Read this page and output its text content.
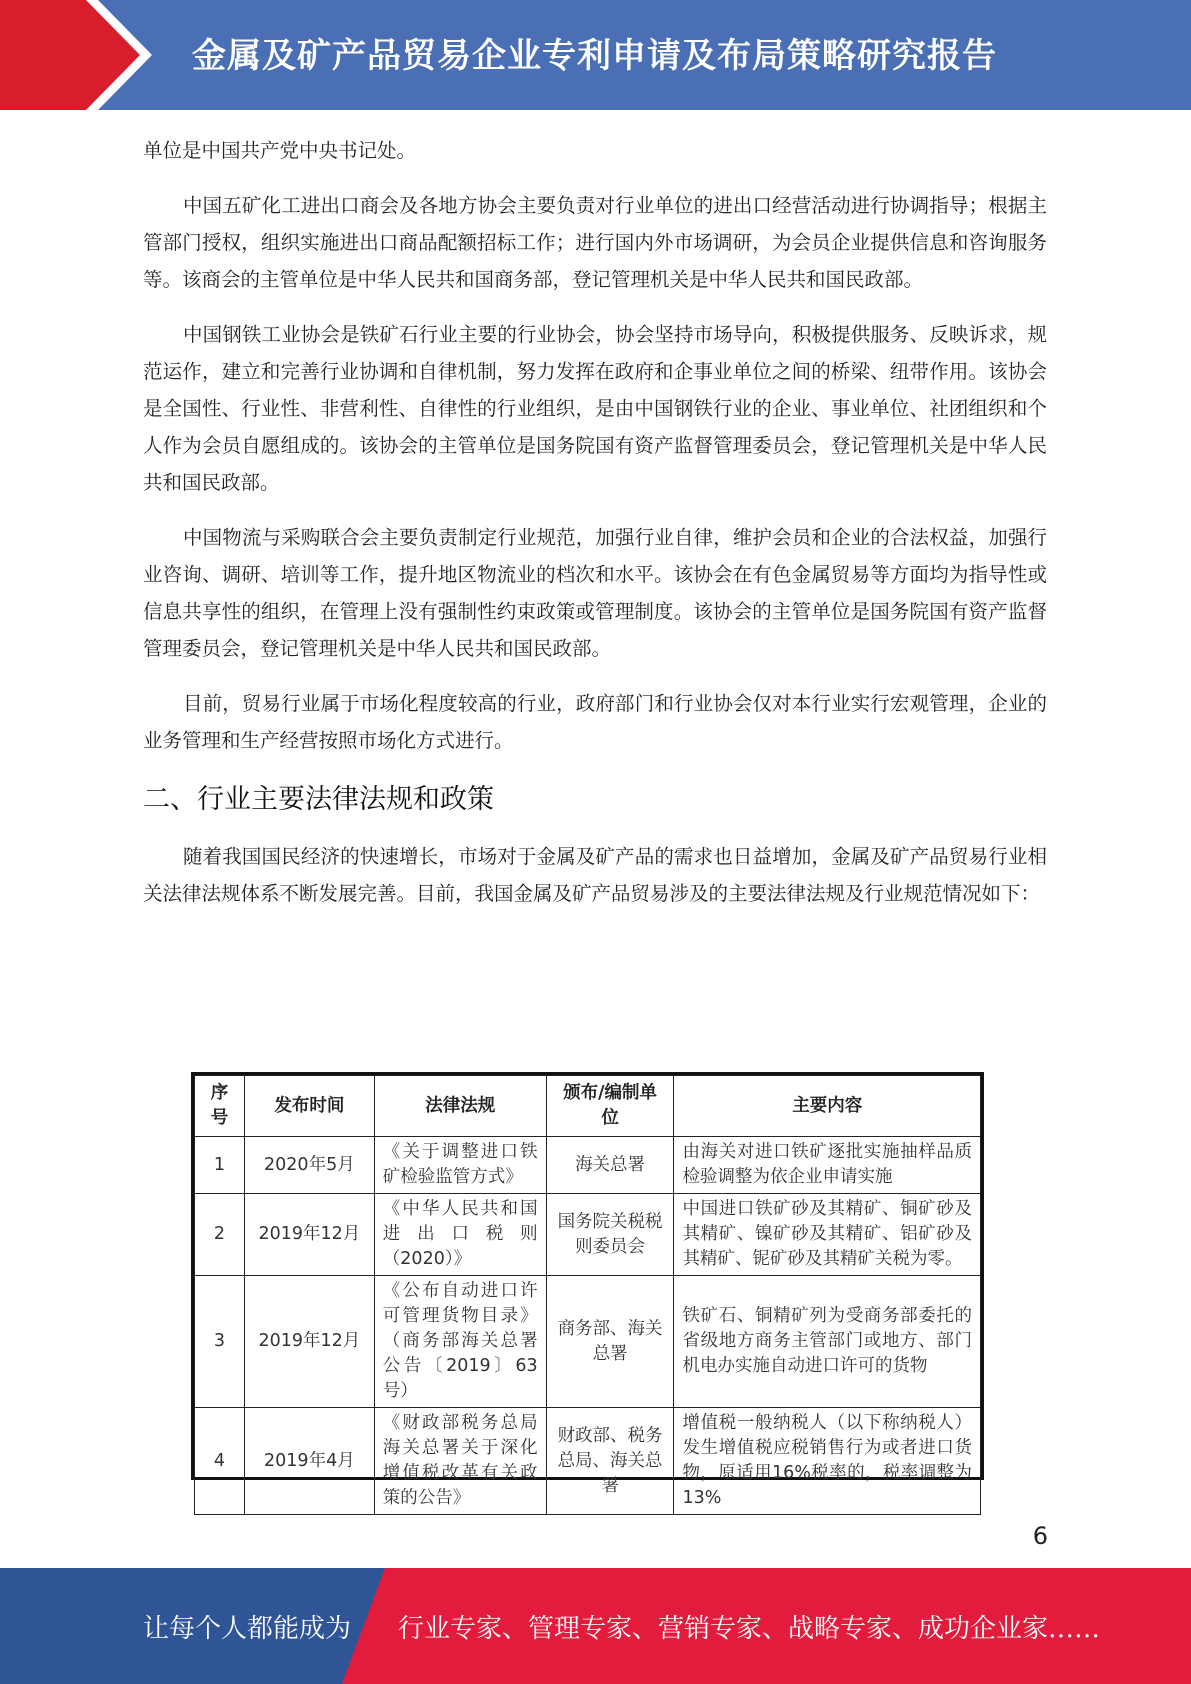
金属及矿产品贸易企业专利申请及布局策略研究报告

单位是中国共产党中央书记处。

中国五矿化工进出口商会及各地方协会主要负责对行业单位的进出口经营活动进行协调指导；根据主管部门授权，组织实施进出口商品配额招标工作；进行国内外市场调研，为会员企业提供信息和咨询服务等。该商会的主管单位是中华人民共和国商务部，登记管理机关是中华人民共和国民政部。

中国钢铁工业协会是铁矿石行业主要的行业协会，协会坚持市场导向，积极提供服务、反映诉求，规范运作，建立和完善行业协调和自律机制，努力发挥在政府和企事业单位之间的桥梁、纽带作用。该协会是全国性、行业性、非营利性、自律性的行业组织，是由中国钢铁行业的企业、事业单位、社团组织和个人作为会员自愿组成的。该协会的主管单位是国务院国有资产监督管理委员会，登记管理机关是中华人民共和国民政部。

中国物流与采购联合会主要负责制定行业规范，加强行业自律，维护会员和企业的合法权益，加强行业咨询、调研、培训等工作，提升地区物流业的档次和水平。该协会在有色金属贸易等方面均为指导性或信息共享性的组织，在管理上没有强制性约束政策或管理制度。该协会的主管单位是国务院国有资产监督管理委员会，登记管理机关是中华人民共和国民政部。

目前，贸易行业属于市场化程度较高的行业，政府部门和行业协会仅对本行业实行宏观管理，企业的业务管理和生产经营按照市场化方式进行。

二、行业主要法律法规和政策

随着我国国民经济的快速增长，市场对于金属及矿产品的需求也日益增加，金属及矿产品贸易行业相关法律法规体系不断发展完善。目前，我国金属及矿产品贸易涉及的主要法律法规及行业规范情况如下：

序号	发布时间	法律法规	颁布/编制单位	主要内容
1	2020年5月	《关于调整进口铁矿检验监管方式》	海关总署	由海关对进口铁矿逐批实施抽样品质检验调整为依企业申请实施
2	2019年12月	《中华人民共和国进出口税则（2020）》	国务院关税税则委员会	中国进口铁矿砂及其精矿、铜矿砂及其精矿、镍矿砂及其精矿、铝矿砂及其精矿、铌矿砂及其精矿关税为零。
3	2019年12月	《公布自动进口许可管理货物目录》（商务部海关总署公告〔2019〕63号）	商务部、海关总署	铁矿石、铜精矿列为受商务部委托的省级地方商务主管部门或地方、部门机电办实施自动进口许可的货物
4	2019年4月	《财政部税务总局海关总署关于深化增值税改革有关政策的公告》	财政部、税务总局、海关总署	增值税一般纳税人（以下称纳税人）发生增值税应税销售行为或者进口货物，原适用16%税率的，税率调整为13%
6
让每个人都能成为 行业专家、管理专家、营销专家、战略专家、成功企业家……
